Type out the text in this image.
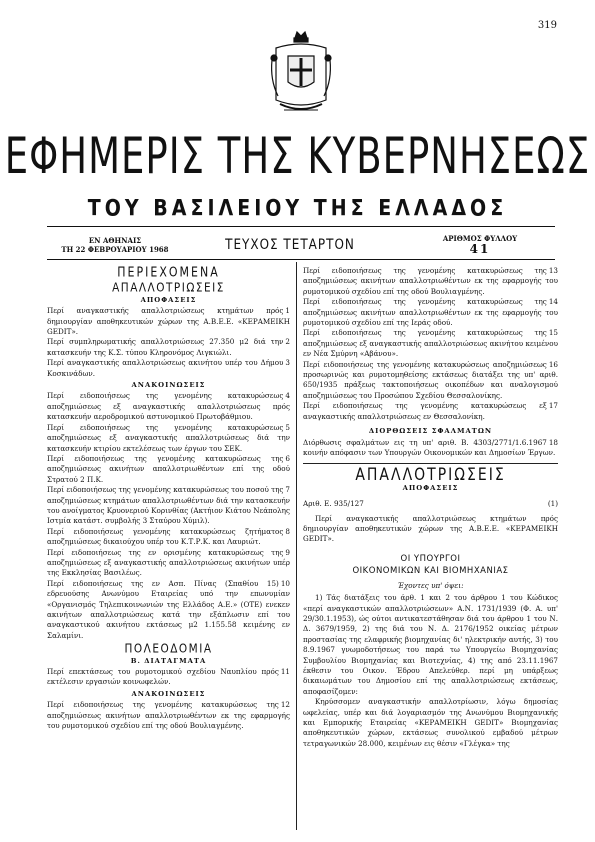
319
ΕΦΗΜΕΡΙΣ ΤΗΣ ΚΥΒΕΡΝΗΣΕΩΣ
ΤΟΥ ΒΑΣΙΛΕΙΟΥ ΤΗΣ ΕΛΛΑΔΟΣ
ΕΝ ΑΘΗΝΑΙΣ
ΤΗ 22 ΦΕΒΡΟΥΑΡΙΟΥ 1968	ΤΕΥΧΟΣ ΤΕΤΑΡΤΟΝ	ΑΡΙΘΜΟΣ ΦΥΛΛΟΥ
41
ΠΕΡΙΕΧΟΜΕΝΑ
ΑΠΑΛΛΟΤΡΙΩΣΕΙΣ
ΑΠΟΦΑΣΕΙΣ

1
Περί αναγκαστικής απαλλοτριώσεως κτημάτων πρός δημιουργίαν αποθηκευτικών χώρων της Α.Β.Ε.Ε. «ΚΕΡΑΜΕΙΚΗ GEDIT».

2
Περί συμπληρωματικής απαλλοτριώσεως 27.350 μ2 διά την κατασκευήν της Κ.Σ. τύπου Κληρονόμος Λιγκιώλι.

3
Περί αναγκαστικής απαλλοτριώσεως ακινήτου υπέρ του Δήμου Κοσκινάδων.

ΑΝΑΚΟΙΝΩΣΕΙΣ

4
Περί ειδοποιήσεως της γενομένης κατακυρώσεως αποζημιώσεως εξ αναγκαστικής απαλλοτριώσεως πρός κατασκευήν αεροδρομικού αστυνομικού Πρωτοβάθμιου.

5
Περί ειδοποιήσεως της γενομένης κατακυρώσεως αποζημιώσεως εξ αναγκαστικής απαλλοτριώσεως διά την κατασκευήν κτιρίου εκτελέσεως των έργων του ΣΕΚ.

6
Περί ειδοποιήσεως της γενομένης κατακυρώσεως της αποζημιώσεως ακινήτων απαλλοτριωθέντων επί της οδού Στρατού 2 Π.Κ.

7
Περί ειδοποιήσεως της γενομένης κατακυρώσεως του ποσού της αποζημιώσεως κτημάτων απαλλοτριωθέντων διά την κατασκευήν του ανοίγματος Κρυονεριού Κορινθίας (Ακτήιον Κιάτου Νεάπολης Ιστμία κατάστ. συμβολής 3 Σταύρου Χύμιλ).

8
Περί ειδοποιήσεως γενομένης κατακυρώσεως ζητήματος αποζημιώσεως δικαιούχου υπέρ του Κ.Τ.Ρ.Κ. και Λαυριώτ.

9
Περί ειδοποιήσεως της εν ορισμένης κατακυρώσεως της αποζημιώσεως εξ αναγκαστικής απαλλοτριώσεως ακινήτων υπέρ της Εκκλησίας Βασιλέως.

10
Περί ειδοποιήσεως της εν Ασπ. Πίνας (Σπαθίου 15) εδρευούσης Ανωνύμου Εταιρείας υπό την επωνυμίαν «Οργανισμός Τηλεπικοινωνιών της Ελλάδος Α.Ε.» (ΟΤΕ) ενεκεν ακινήτων απαλλοτριώσεως κατά την εξάπλωσιν επί του αναγκαστικού ακινήτου εκτάσεως μ2 1.155.58 κειμένης εν Σαλαμίνι.

ΠΟΛΕΟΔΟΜΙΑ
Β. ΔΙΑΤΑΓΜΑΤΑ

11
Περί επεκτάσεως του ρυμοτομικού σχεδίου Ναυπλίου πρός εκτέλεσιν εργασιών κοινωφελών.

ΑΝΑΚΟΙΝΩΣΕΙΣ

12
Περί ειδοποιήσεως της γενομένης κατακυρώσεως της αποζημιώσεως ακινήτων απαλλοτριωθέντων εκ της εφαρμογής του ρυμοτομικού σχεδίου επί της οδού Βουλιαγμένης.

13
Περί ειδοποιήσεως της γενομένης κατακυρώσεως της αποζημιώσεως ακινήτων απαλλοτριωθέντων εκ της εφαρμογής του ρυμοτομικού σχεδίου επί της οδού Βουλιαγμένης.

14
Περί ειδοποιήσεως της γενομένης κατακυρώσεως της αποζημιώσεως ακινήτων απαλλοτριωθέντων εκ της εφαρμογής του ρυμοτομικού σχεδίου επί της Ιεράς οδού.

15
Περί ειδοποιήσεως της γενομένης κατακυρώσεως της αποζημιώσεως εξ αναγκαστικής απαλλοτριώσεως ακινήτου κειμένου εν Νέα Σμύρνη «Αβάνου».

16
Περί ειδοποιήσεως της γενομένης κατακυρώσεως αποζημιώσεως προσωρινώς και ρυμοτομηθείσης εκτάσεως διατάξει της υπ' αριθ. 650/1935 πράξεως τακτοποιήσεως οικοπέδων και αναλογισμού αποζημιώσεως του Προσώπου Σχεδίου Θεσσαλονίκης.

17
Περί ειδοποιήσεως της γενομένης κατακυρώσεως εξ αναγκαστικής απαλλοτριώσεως εν Θεσσαλονίκη.

ΔΙΟΡΘΩΣΕΙΣ ΣΦΑΛΜΑΤΩΝ

18
Διόρθωσις σφαλμάτων εις τη υπ' αριθ. Β. 4303/2771/1.6.1967 κοινήν απόφασιν των Υπουργών Οικονομικών και Δημοσίων Έργων.

ΑΠΑΛΛΟΤΡΙΩΣΕΙΣ
ΑΠΟΦΑΣΕΙΣ
Αριθ. Ε. 935/127	(1)

Περί αναγκαστικής απαλλοτριώσεως κτημάτων πρός δημιουργίαν αποθηκευτικών χώρων της Α.Β.Ε.Ε. «ΚΕΡΑΜΕΙΚΗ GEDIT».

ΟΙ ΥΠΟΥΡΓΟΙ
ΟΙΚΟΝΟΜΙΚΩΝ ΚΑΙ ΒΙΟΜΗΧΑΝΙΑΣ
Έχοντες υπ' όψει:

1) Τάς διατάξεις του άρθ. 1 και 2 του άρθρου 1 του Κώδικος «περί αναγκαστικών απαλλοτριώσεων» Α.Ν. 1731/1939 (Φ. Α. υπ' 29/30.1.1953), ώς ούτοι αντικατεστάθησαν διά του άρθρου 1 του Ν. Δ. 3679/1959, 2) της διά του Ν. Δ. 2176/1952 οικείας μέτρων προστασίας της ελαφρικής βιομηχανίας δι' ηλεκτρικήν αυτής, 3) του 8.9.1967 γνωμοδοτήσεως του παρά τω Υπουργείω Βιομηχανίας Συμβουλίου Βιομηχανίας και Βιοτεχνίας, 4) της από 23.11.1967 έκθεσιν του Οικον. Έδρου Απελεύθερ. περί μη υπάρξεως δικαιωμάτων του Δημοσίου επί της απαλλοτριώσεως εκτάσεως, αποφασίζομεν:

Κηρύσσομεν αναγκαστικήν απαλλοτρίωσιν, λόγω δημοσίας ωφελείας, υπέρ και διά λογαριασμόν της Ανωνύμου Βιομηχανικής και Εμπορικής Εταιρείας «ΚΕΡΑΜΕΙΚΗ GEDIT» Βιομηχανίας αποθηκευτικών χώρων, εκτάσεως συνολικού εμβαδού μέτρων τετραγωνικών 28.000, κειμένων εις θέσιν «Γλέγκα» της
